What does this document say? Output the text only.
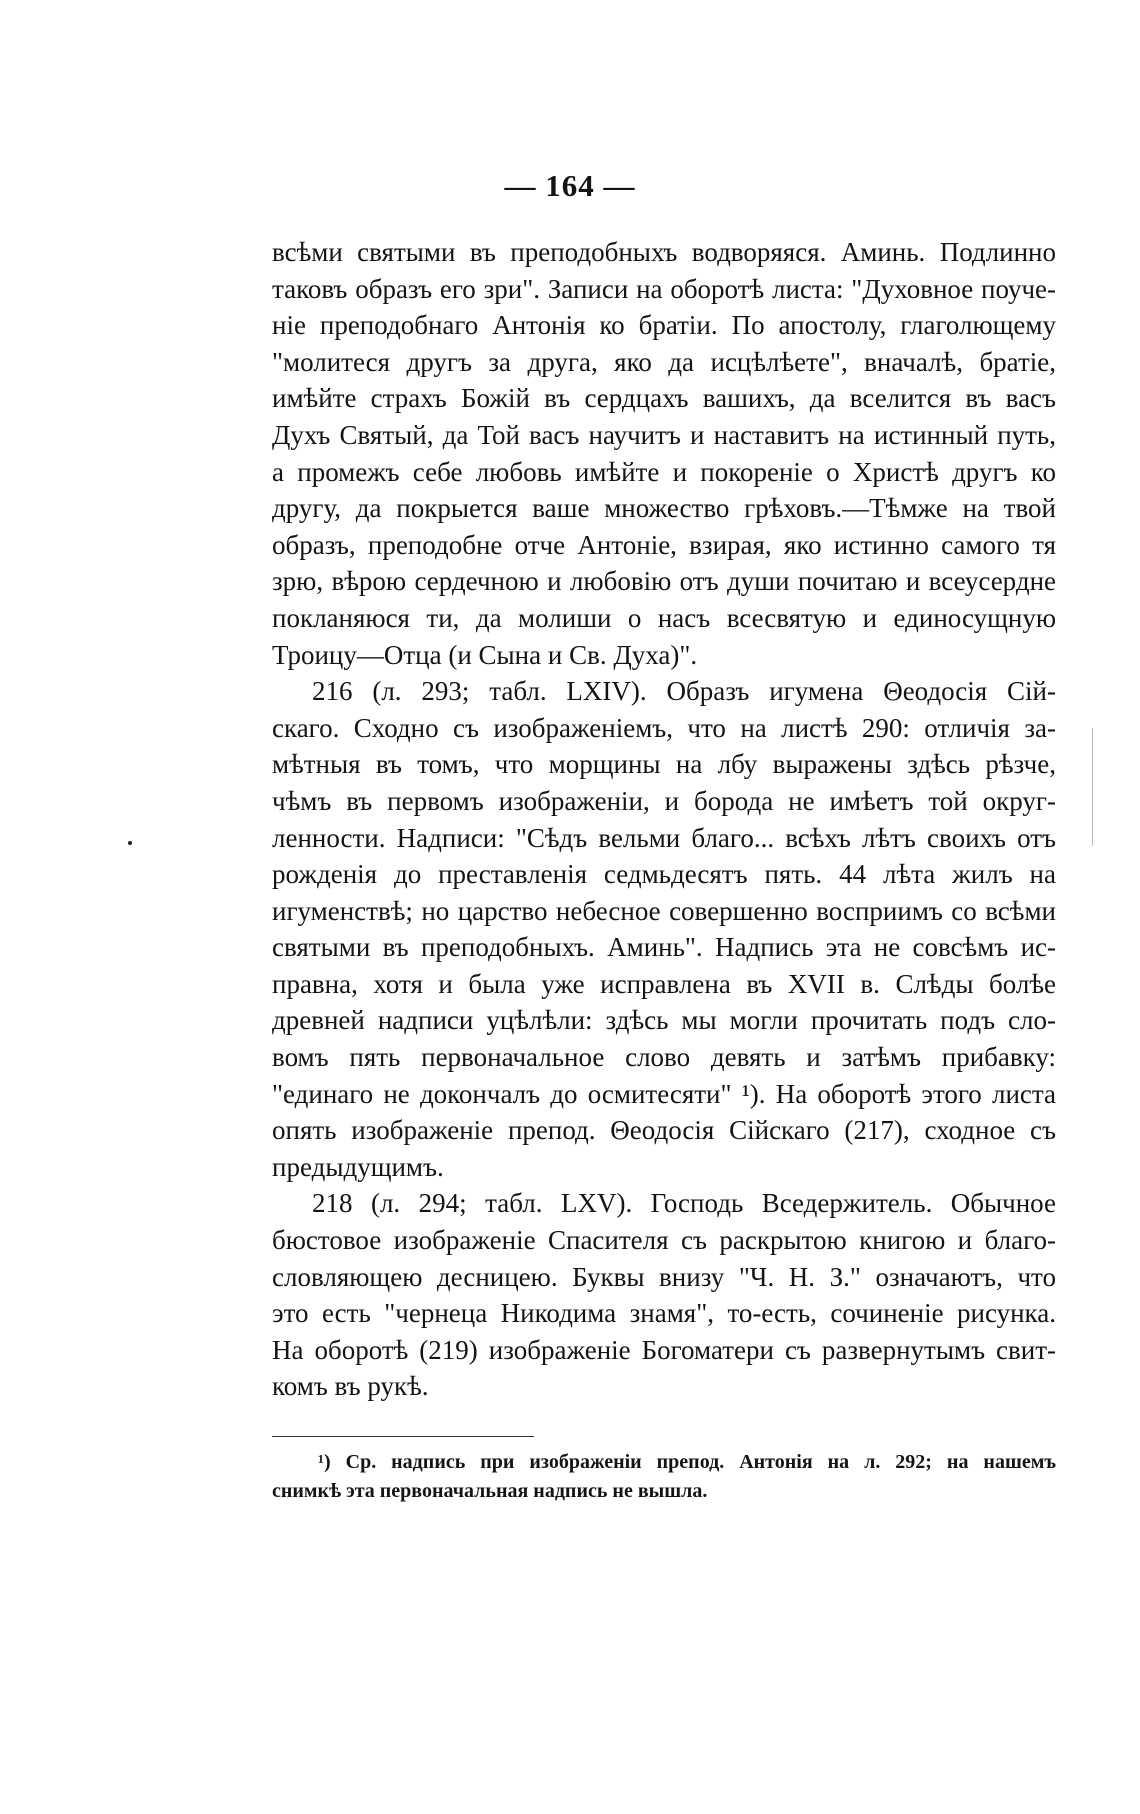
— 164 —
всѣми святыми въ преподобныхъ водворяяся. Аминь. Подлинно
таковъ образъ его зри". Записи на оборотѣ листа: "Духовное поуче-
ніе преподобнаго Антонія ко братіи. По апостолу, глаголющему
"молитеся другъ за друга, яко да исцѣлѣете", вначалѣ, братіе,
имѣйте страхъ Божій въ сердцахъ вашихъ, да вселится въ васъ
Духъ Святый, да Той васъ научитъ и наставитъ на истинный путь,
а промежъ себе любовь имѣйте и покореніе о Христѣ другъ ко
другу, да покрыется ваше множество грѣховъ.—Тѣмже на твой
образъ, преподобне отче Антоніе, взирая, яко истинно самого тя
зрю, вѣрою сердечною и любовію отъ души почитаю и всеусердне
покланяюся ти, да молиши о насъ всесвятую и единосущную
Троицу—Отца (и Сына и Св. Духа)".
216 (л. 293; табл. LXIV). Образъ игумена Θеодосія Сій-
скаго. Сходно съ изображеніемъ, что на листѣ 290: отличія за-
мѣтныя въ томъ, что морщины на лбу выражены здѣсь рѣзче,
чѣмъ въ первомъ изображеніи, и борода не имѣетъ той округ-
ленности. Надписи: "Сѣдъ вельми благо... всѣхъ лѣтъ своихъ отъ
рожденія до преставленія седмьдесятъ пять. 44 лѣта жилъ на
игуменствѣ; но царство небесное совершенно восприимъ со всѣми
святыми въ преподобныхъ. Аминь". Надпись эта не совсѣмъ ис-
правна, хотя и была уже исправлена въ XVII в. Слѣды болѣе
древней надписи уцѣлѣли: здѣсь мы могли прочитать подъ сло-
вомъ пять первоначальное слово девять и затѣмъ прибавку:
"единаго не докончалъ до осмитесяти" ¹). На оборотѣ этого листа
опять изображеніе препод. Θеодосія Сійскаго (217), сходное съ
предыдущимъ.
218 (л. 294; табл. LXV). Господь Вседержитель. Обычное
бюстовое изображеніе Спасителя съ раскрытою книгою и благо-
словляющею десницею. Буквы внизу "Ч. Н. З." означаютъ, что
это есть "чернеца Никодима знамя", то-есть, сочиненіе рисунка.
На оборотѣ (219) изображеніе Богоматери съ развернутымъ свит-
комъ въ рукѣ.
¹) Ср. надпись при изображеніи препод. Антонія на л. 292; на нашемъ
снимкѣ эта первоначальная надпись не вышла.
